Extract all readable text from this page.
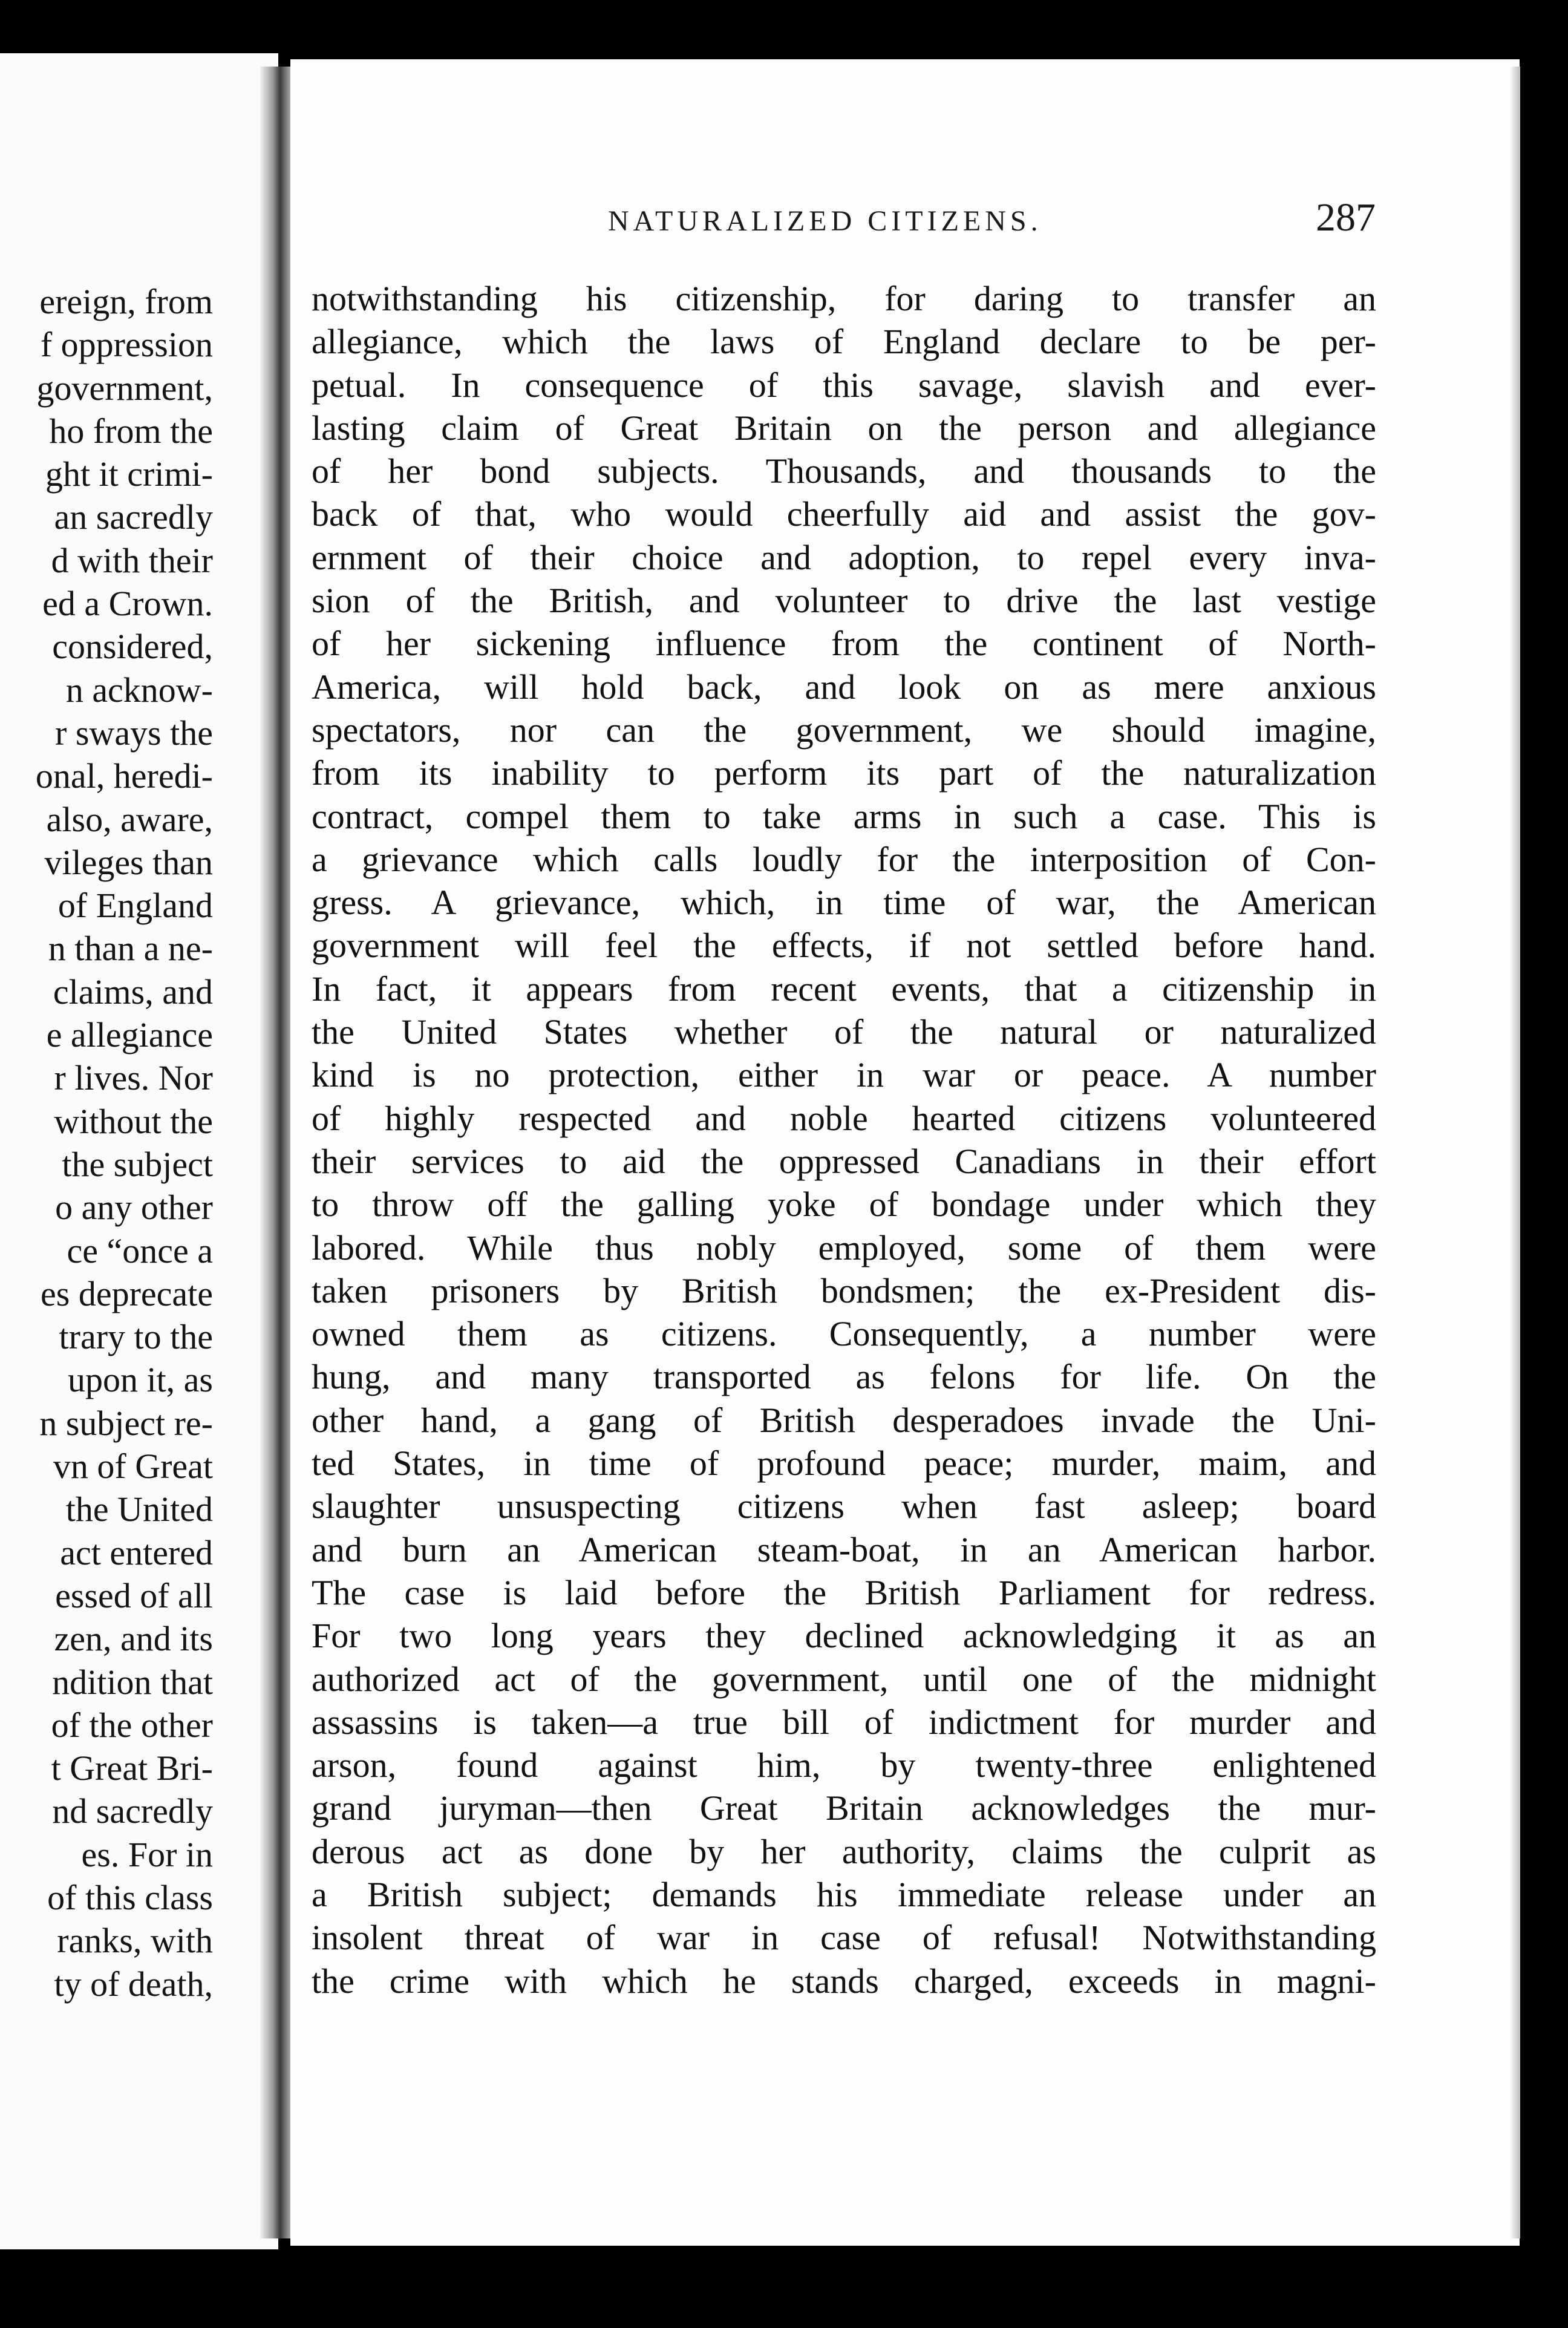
ereign, from
f oppression
government,
ho from the
ght it crimi-
an sacredly
d with their
ed a Crown.
considered,
n acknow-
r sways the
onal, heredi-
also, aware,
vileges than
of England
n than a ne-
claims, and
e allegiance
r lives. Nor
without the
the subject
o any other
ce “once a
es deprecate
trary to the
upon it, as
n subject re-
vn of Great
the United
act entered
essed of all
zen, and its
ndition that
of the other
t Great Bri-
nd sacredly
es. For in
of this class
ranks, with
ty of death,
NATURALIZED CITIZENS.	287
notwithstanding his citizenship, for daring to transfer an
allegiance, which the laws of England declare to be per-
petual. In consequence of this savage, slavish and ever-
lasting claim of Great Britain on the person and allegiance
of her bond subjects. Thousands, and thousands to the
back of that, who would cheerfully aid and assist the gov-
ernment of their choice and adoption, to repel every inva-
sion of the British, and volunteer to drive the last vestige
of her sickening influence from the continent of North-
America, will hold back, and look on as mere anxious
spectators, nor can the government, we should imagine,
from its inability to perform its part of the naturalization
contract, compel them to take arms in such a case. This is
a grievance which calls loudly for the interposition of Con-
gress. A grievance, which, in time of war, the American
government will feel the effects, if not settled before hand.
In fact, it appears from recent events, that a citizenship in
the United States whether of the natural or naturalized
kind is no protection, either in war or peace. A number
of highly respected and noble hearted citizens volunteered
their services to aid the oppressed Canadians in their effort
to throw off the galling yoke of bondage under which they
labored. While thus nobly employed, some of them were
taken prisoners by British bondsmen; the ex-President dis-
owned them as citizens. Consequently, a number were
hung, and many transported as felons for life. On the
other hand, a gang of British desperadoes invade the Uni-
ted States, in time of profound peace; murder, maim, and
slaughter unsuspecting citizens when fast asleep; board
and burn an American steam-boat, in an American harbor.
The case is laid before the British Parliament for redress.
For two long years they declined acknowledging it as an
authorized act of the government, until one of the midnight
assassins is taken—a true bill of indictment for murder and
arson, found against him, by twenty-three enlightened
grand juryman—then Great Britain acknowledges the mur-
derous act as done by her authority, claims the culprit as
a British subject; demands his immediate release under an
insolent threat of war in case of refusal! Notwithstanding
the crime with which he stands charged, exceeds in magni-
